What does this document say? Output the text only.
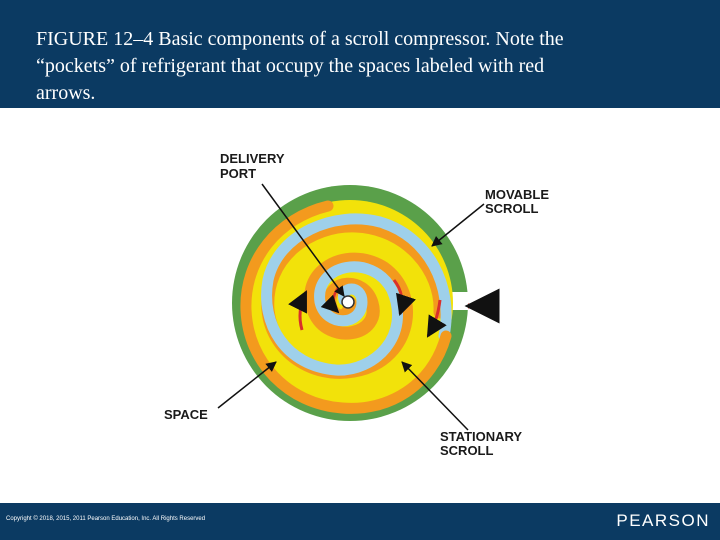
FIGURE 12–4 Basic components of a scroll compressor. Note the
“pockets” of refrigerant that occupy the spaces labeled with red
arrows.
DELIVERY
PORT
MOVABLE
SCROLL
SPACE
STATIONARY
SCROLL
Copyright © 2018, 2015, 2011 Pearson Education, Inc. All Rights Reserved	PEARSON
